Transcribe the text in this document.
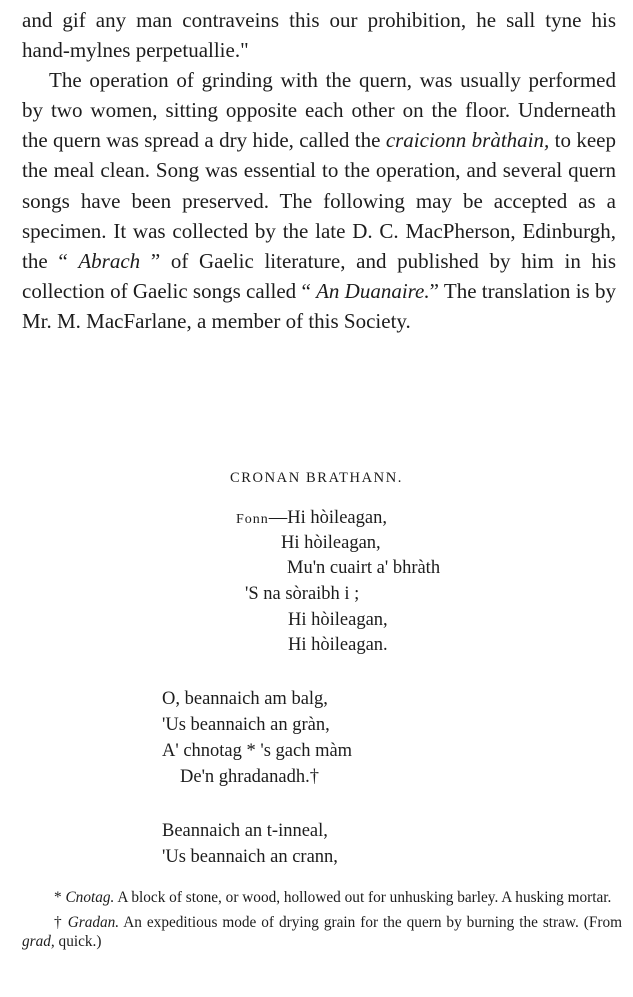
and gif any man contraveins this our prohibition, he sall tyne his hand-mylnes perpetuallie."

The operation of grinding with the quern, was usually performed by two women, sitting opposite each other on the floor. Underneath the quern was spread a dry hide, called the craicionn bràthain, to keep the meal clean. Song was essential to the operation, and several quern songs have been preserved. The following may be accepted as a specimen. It was collected by the late D. C. MacPherson, Edinburgh, the “ Abrach ” of Gaelic literature, and published by him in his collection of Gaelic songs called “ An Duanaire.” The translation is by Mr. M. MacFarlane, a member of this Society.

CRONAN BRATHANN.
Fonn—Hi hòileagan,
Hi hòileagan,
Mu'n cuairt a' bhràth
'S na sòraibh i ;
Hi hòileagan,
Hi hòileagan.
O, beannaich am balg,
'Us beannaich an gràn,
A' chnotag * 's gach màm
De'n ghradanadh.†
Beannaich an t-inneal,
'Us beannaich an crann,

* Cnotag. A block of stone, or wood, hollowed out for unhusking barley. A husking mortar.

† Gradan. An expeditious mode of drying grain for the quern by burning the straw. (From grad, quick.)
